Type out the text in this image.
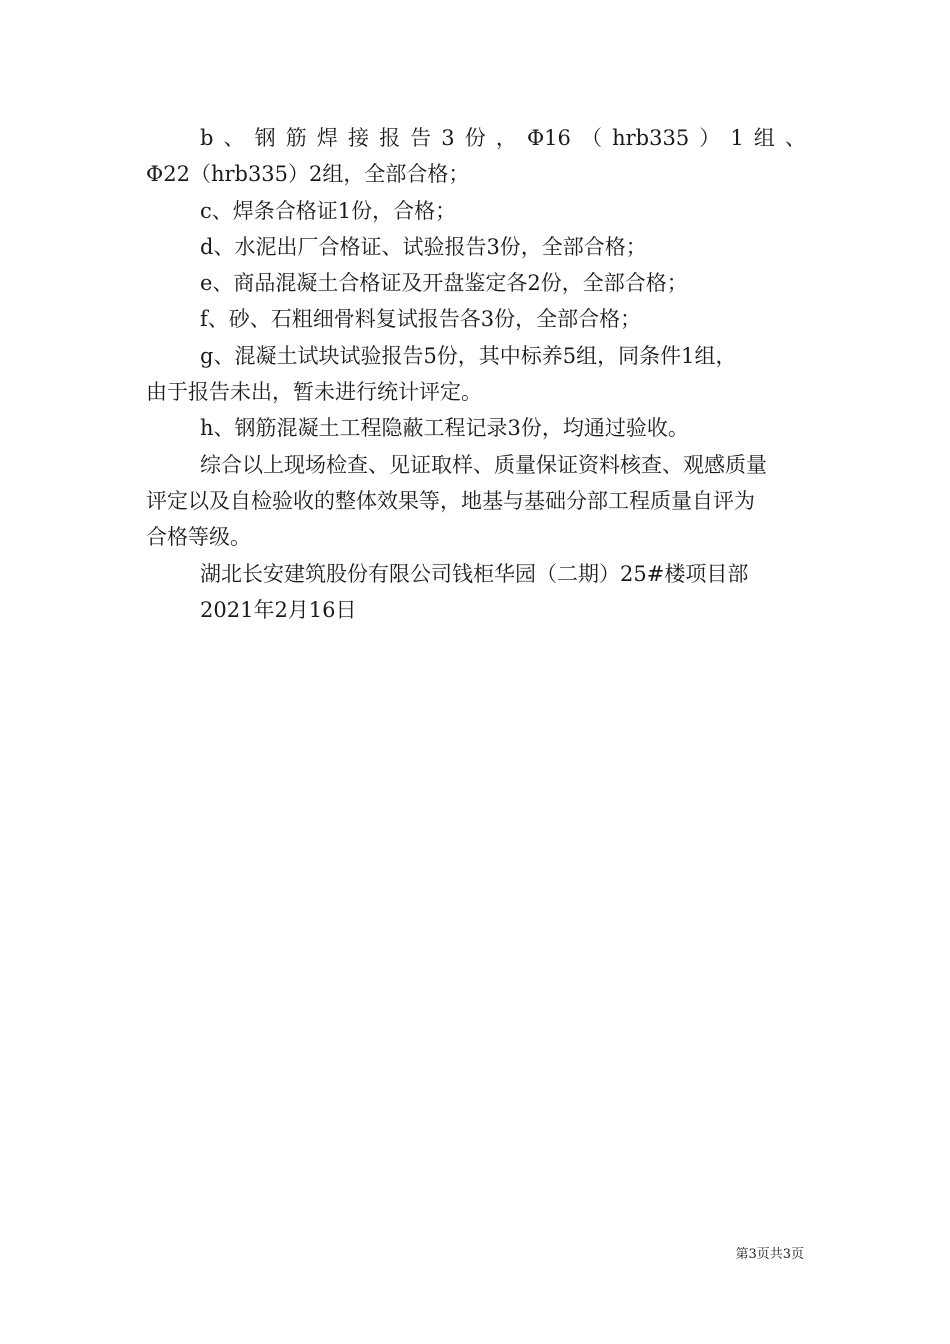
b、钢筋焊接报告3份，Φ16（hrb335）1组、
Φ22（hrb335）2组，全部合格；
c、焊条合格证1份，合格；
d、水泥出厂合格证、试验报告3份，全部合格；
e、商品混凝土合格证及开盘鉴定各2份，全部合格；
f、砂、石粗细骨料复试报告各3份，全部合格；
g、混凝土试块试验报告5份，其中标养5组，同条件1组，
由于报告未出，暂未进行统计评定。
h、钢筋混凝土工程隐蔽工程记录3份，均通过验收。
综合以上现场检查、见证取样、质量保证资料核查、观感质量
评定以及自检验收的整体效果等，地基与基础分部工程质量自评为
合格等级。
湖北长安建筑股份有限公司钱柜华园（二期）25#楼项目部
2021年2月16日
第3页共3页
